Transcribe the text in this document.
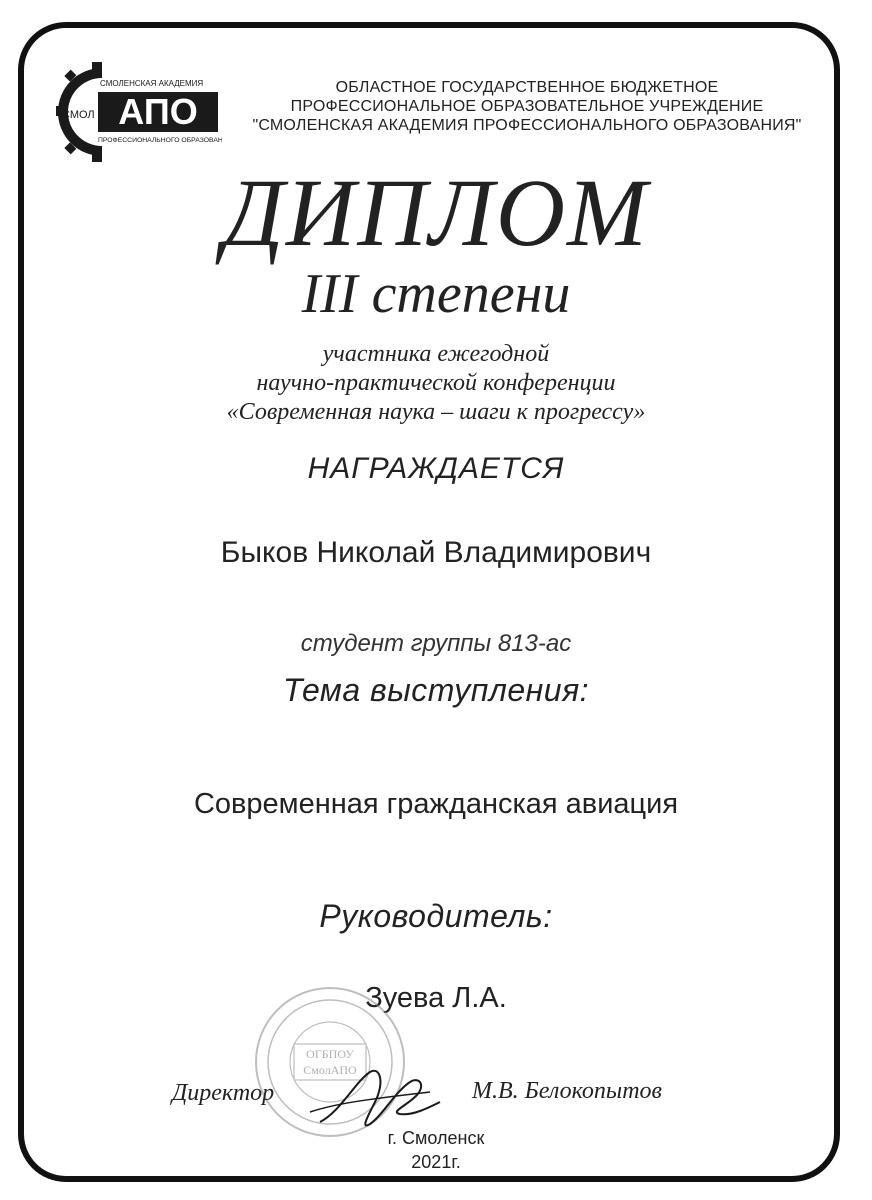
СМОЛЕНСКАЯ АКАДЕМИЯ
СМОЛ АПО
ПРОФЕССИОНАЛЬНОГО ОБРАЗОВАНИЯ
ОБЛАСТНОЕ ГОСУДАРСТВЕННОЕ БЮДЖЕТНОЕ
ПРОФЕССИОНАЛЬНОЕ ОБРАЗОВАТЕЛЬНОЕ УЧРЕЖДЕНИЕ
"СМОЛЕНСКАЯ АКАДЕМИЯ ПРОФЕССИОНАЛЬНОГО ОБРАЗОВАНИЯ"
ДИПЛОМ
III степени
участника ежегодной
научно-практической конференции
«Современная наука – шаги к прогрессу»
НАГРАЖДАЕТСЯ
Быков Николай Владимирович
студент группы 813-ас
Тема выступления:
Современная гражданская авиация
Руководитель:
Зуева Л.А.
ОГБПОУ
СмолАПО
Директор	М.В. Белокопытов
г. Смоленск
2021г.
